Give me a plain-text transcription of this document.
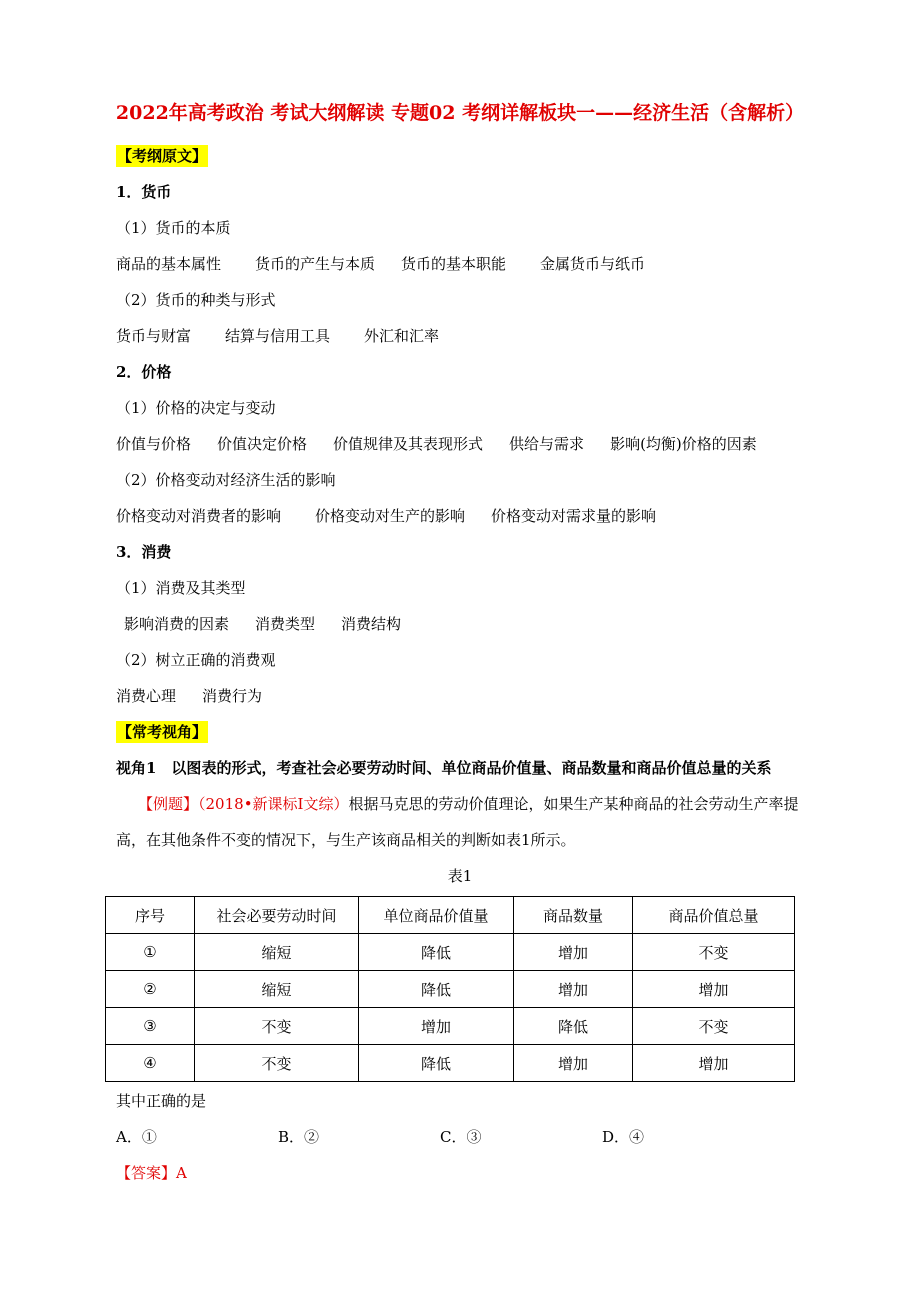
2022年高考政治 考试大纲解读 专题02 考纲详解板块一——经济生活（含解析）
【考纲原文】
1．货币
（1）货币的本质
商品的基本属性 货币的产生与本质 货币的基本职能 金属货币与纸币
（2）货币的种类与形式
货币与财富 结算与信用工具 外汇和汇率
2．价格
（1）价格的决定与变动
价值与价格 价值决定价格 价值规律及其表现形式 供给与需求 影响(均衡)价格的因素
（2）价格变动对经济生活的影响
价格变动对消费者的影响 价格变动对生产的影响 价格变动对需求量的影响
3．消费
（1）消费及其类型
影响消费的因素 消费类型 消费结构
（2）树立正确的消费观
消费心理 消费行为
【常考视角】
视角1　以图表的形式，考查社会必要劳动时间、单位商品价值量、商品数量和商品价值总量的关系
【例题】（2018•新课标Ⅰ文综）根据马克思的劳动价值理论，如果生产某种商品的社会劳动生产率提
高，在其他条件不变的情况下，与生产该商品相关的判断如表1所示。
表1
序号	社会必要劳动时间	单位商品价值量	商品数量	商品价值总量
①	缩短	降低	增加	不变
②	缩短	降低	增加	增加
③	不变	增加	降低	不变
④	不变	降低	增加	增加
其中正确的是
A．①	B．②	C．③	D．④
【答案】A
